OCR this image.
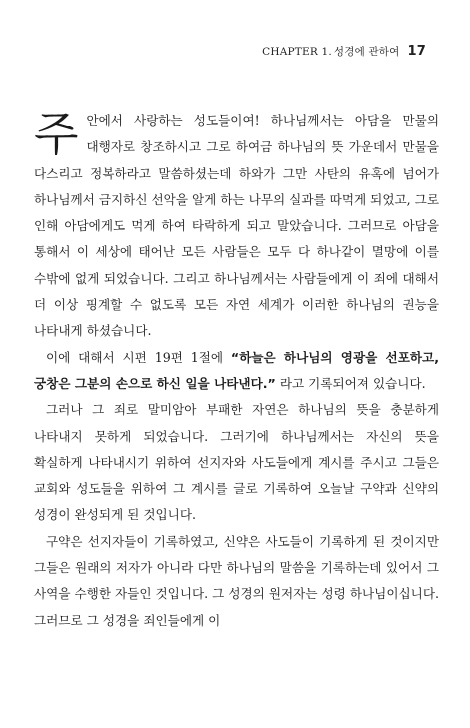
CHAPTER 1. 성경에 관하여 17

주안에서 사랑하는 성도들이여! 하나님께서는 아담을 만물의 대행자로 창조하시고 그로 하여금 하나님의 뜻 가운데서 만물을 다스리고 정복하라고 말씀하셨는데 하와가 그만 사탄의 유혹에 넘어가 하나님께서 금지하신 선악을 알게 하는 나무의 실과를 따먹게 되었고, 그로 인해 아담에게도 먹게 하여 타락하게 되고 말았습니다. 그러므로 아담을 통해서 이 세상에 태어난 모든 사람들은 모두 다 하나같이 멸망에 이를 수밖에 없게 되었습니다. 그리고 하나님께서는 사람들에게 이 죄에 대해서 더 이상 핑계할 수 없도록 모든 자연 세계가 이러한 하나님의 권능을 나타내게 하셨습니다.

이에 대해서 시편 19편 1절에 “하늘은 하나님의 영광을 선포하고, 궁창은 그분의 손으로 하신 일을 나타낸다.” 라고 기록되어져 있습니다.

그러나 그 죄로 말미암아 부패한 자연은 하나님의 뜻을 충분하게 나타내지 못하게 되었습니다. 그러기에 하나님께서는 자신의 뜻을 확실하게 나타내시기 위하여 선지자와 사도들에게 계시를 주시고 그들은 교회와 성도들을 위하여 그 계시를 글로 기록하여 오늘날 구약과 신약의 성경이 완성되게 된 것입니다.

구약은 선지자들이 기록하였고, 신약은 사도들이 기록하게 된 것이지만 그들은 원래의 저자가 아니라 다만 하나님의 말씀을 기록하는데 있어서 그 사역을 수행한 자들인 것입니다. 그 성경의 원저자는 성령 하나님이십니다. 그러므로 그 성경을 죄인들에게 이
